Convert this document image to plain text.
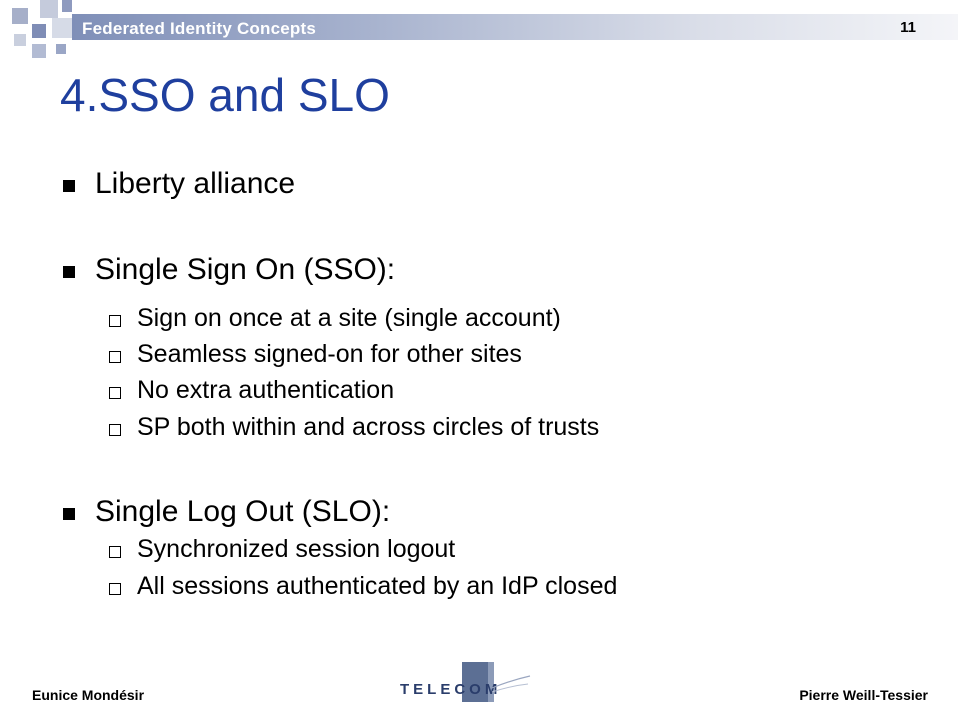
Federated Identity Concepts	11
4.SSO and SLO
Liberty alliance
Single Sign On (SSO):
Sign on once at a site (single account)
Seamless signed-on for other sites
No extra authentication
SP both within and across circles of trusts
Single Log Out (SLO):
Synchronized session logout
All sessions authenticated by an IdP closed
Eunice Mondésir	Pierre Weill-Tessier
TELECOM
